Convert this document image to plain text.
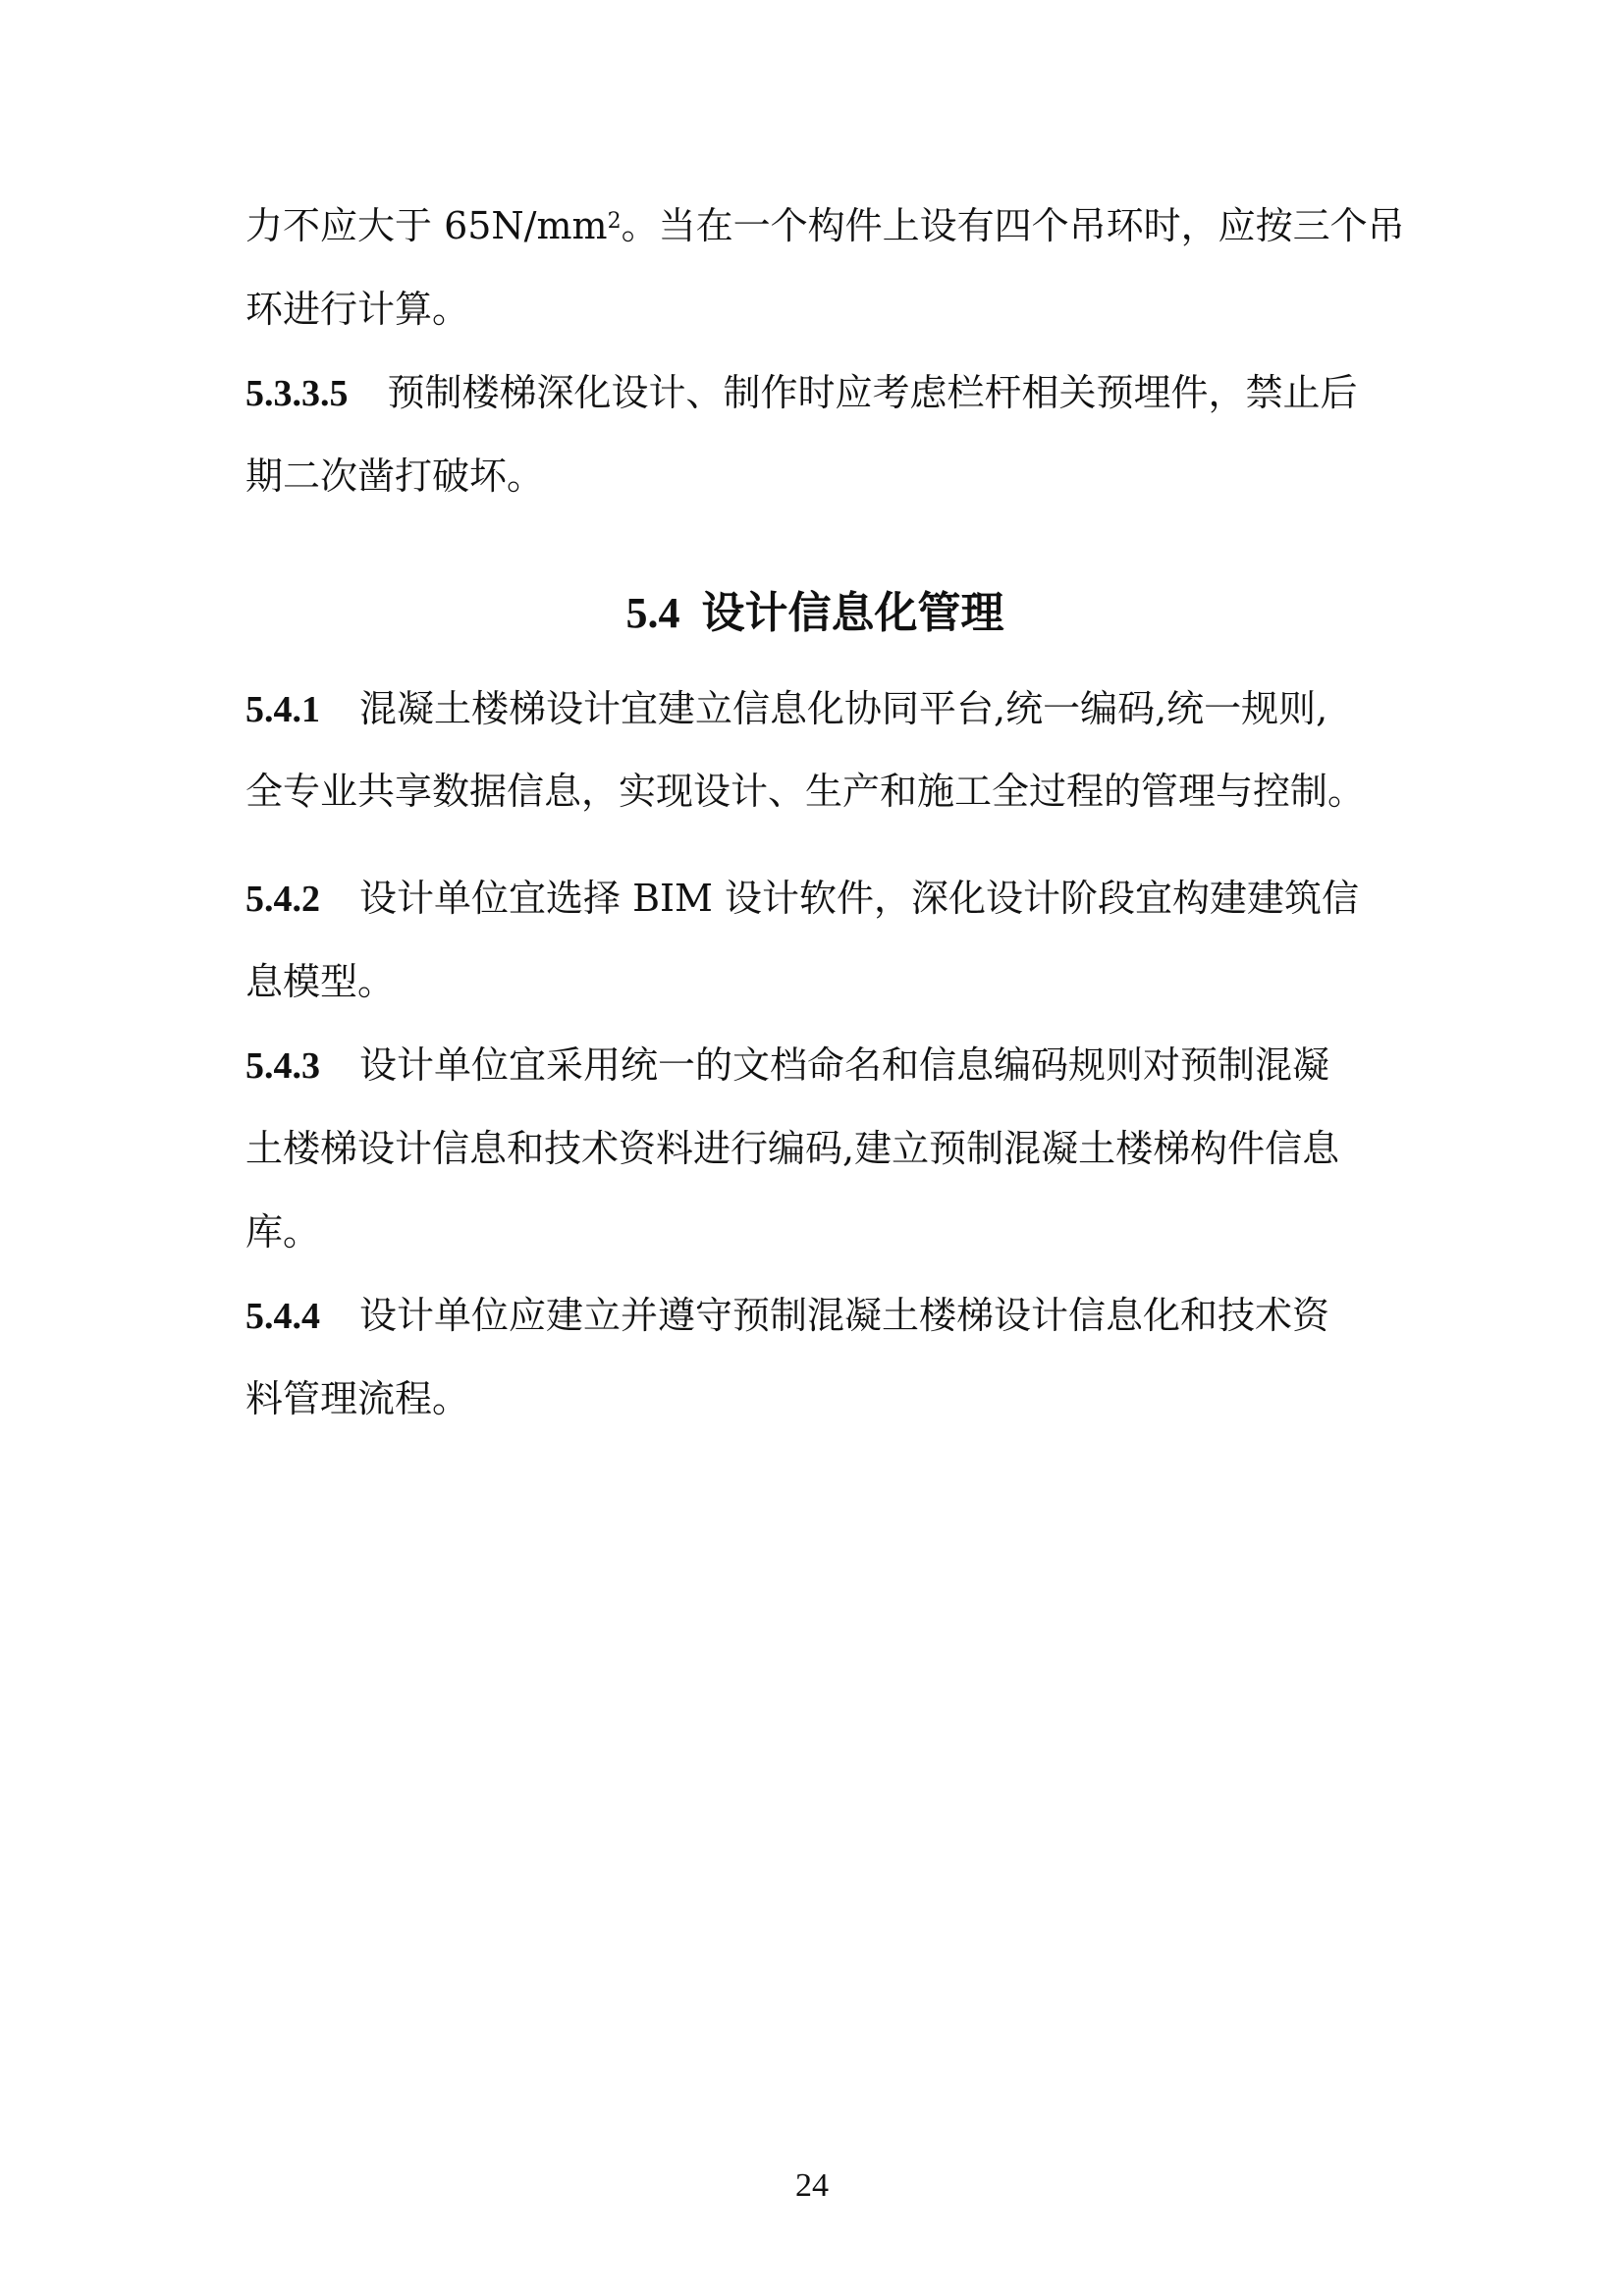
力不应大于 $65N/mm^2$。当在一个构件上设有四个吊环时，应按三个吊
环进行计算。
5.3.3.5 预制楼梯深化设计、制作时应考虑栏杆相关预埋件，禁止后
期二次凿打破坏。
5.4 设计信息化管理
5.4.1 混凝土楼梯设计宜建立信息化协同平台,统一编码,统一规则,
全专业共享数据信息，实现设计、生产和施工全过程的管理与控制。
5.4.2 设计单位宜选择 BIM 设计软件，深化设计阶段宜构建建筑信
息模型。
5.4.3 设计单位宜采用统一的文档命名和信息编码规则对预制混凝
土楼梯设计信息和技术资料进行编码,建立预制混凝土楼梯构件信息
库。
5.4.4 设计单位应建立并遵守预制混凝土楼梯设计信息化和技术资
料管理流程。
24
